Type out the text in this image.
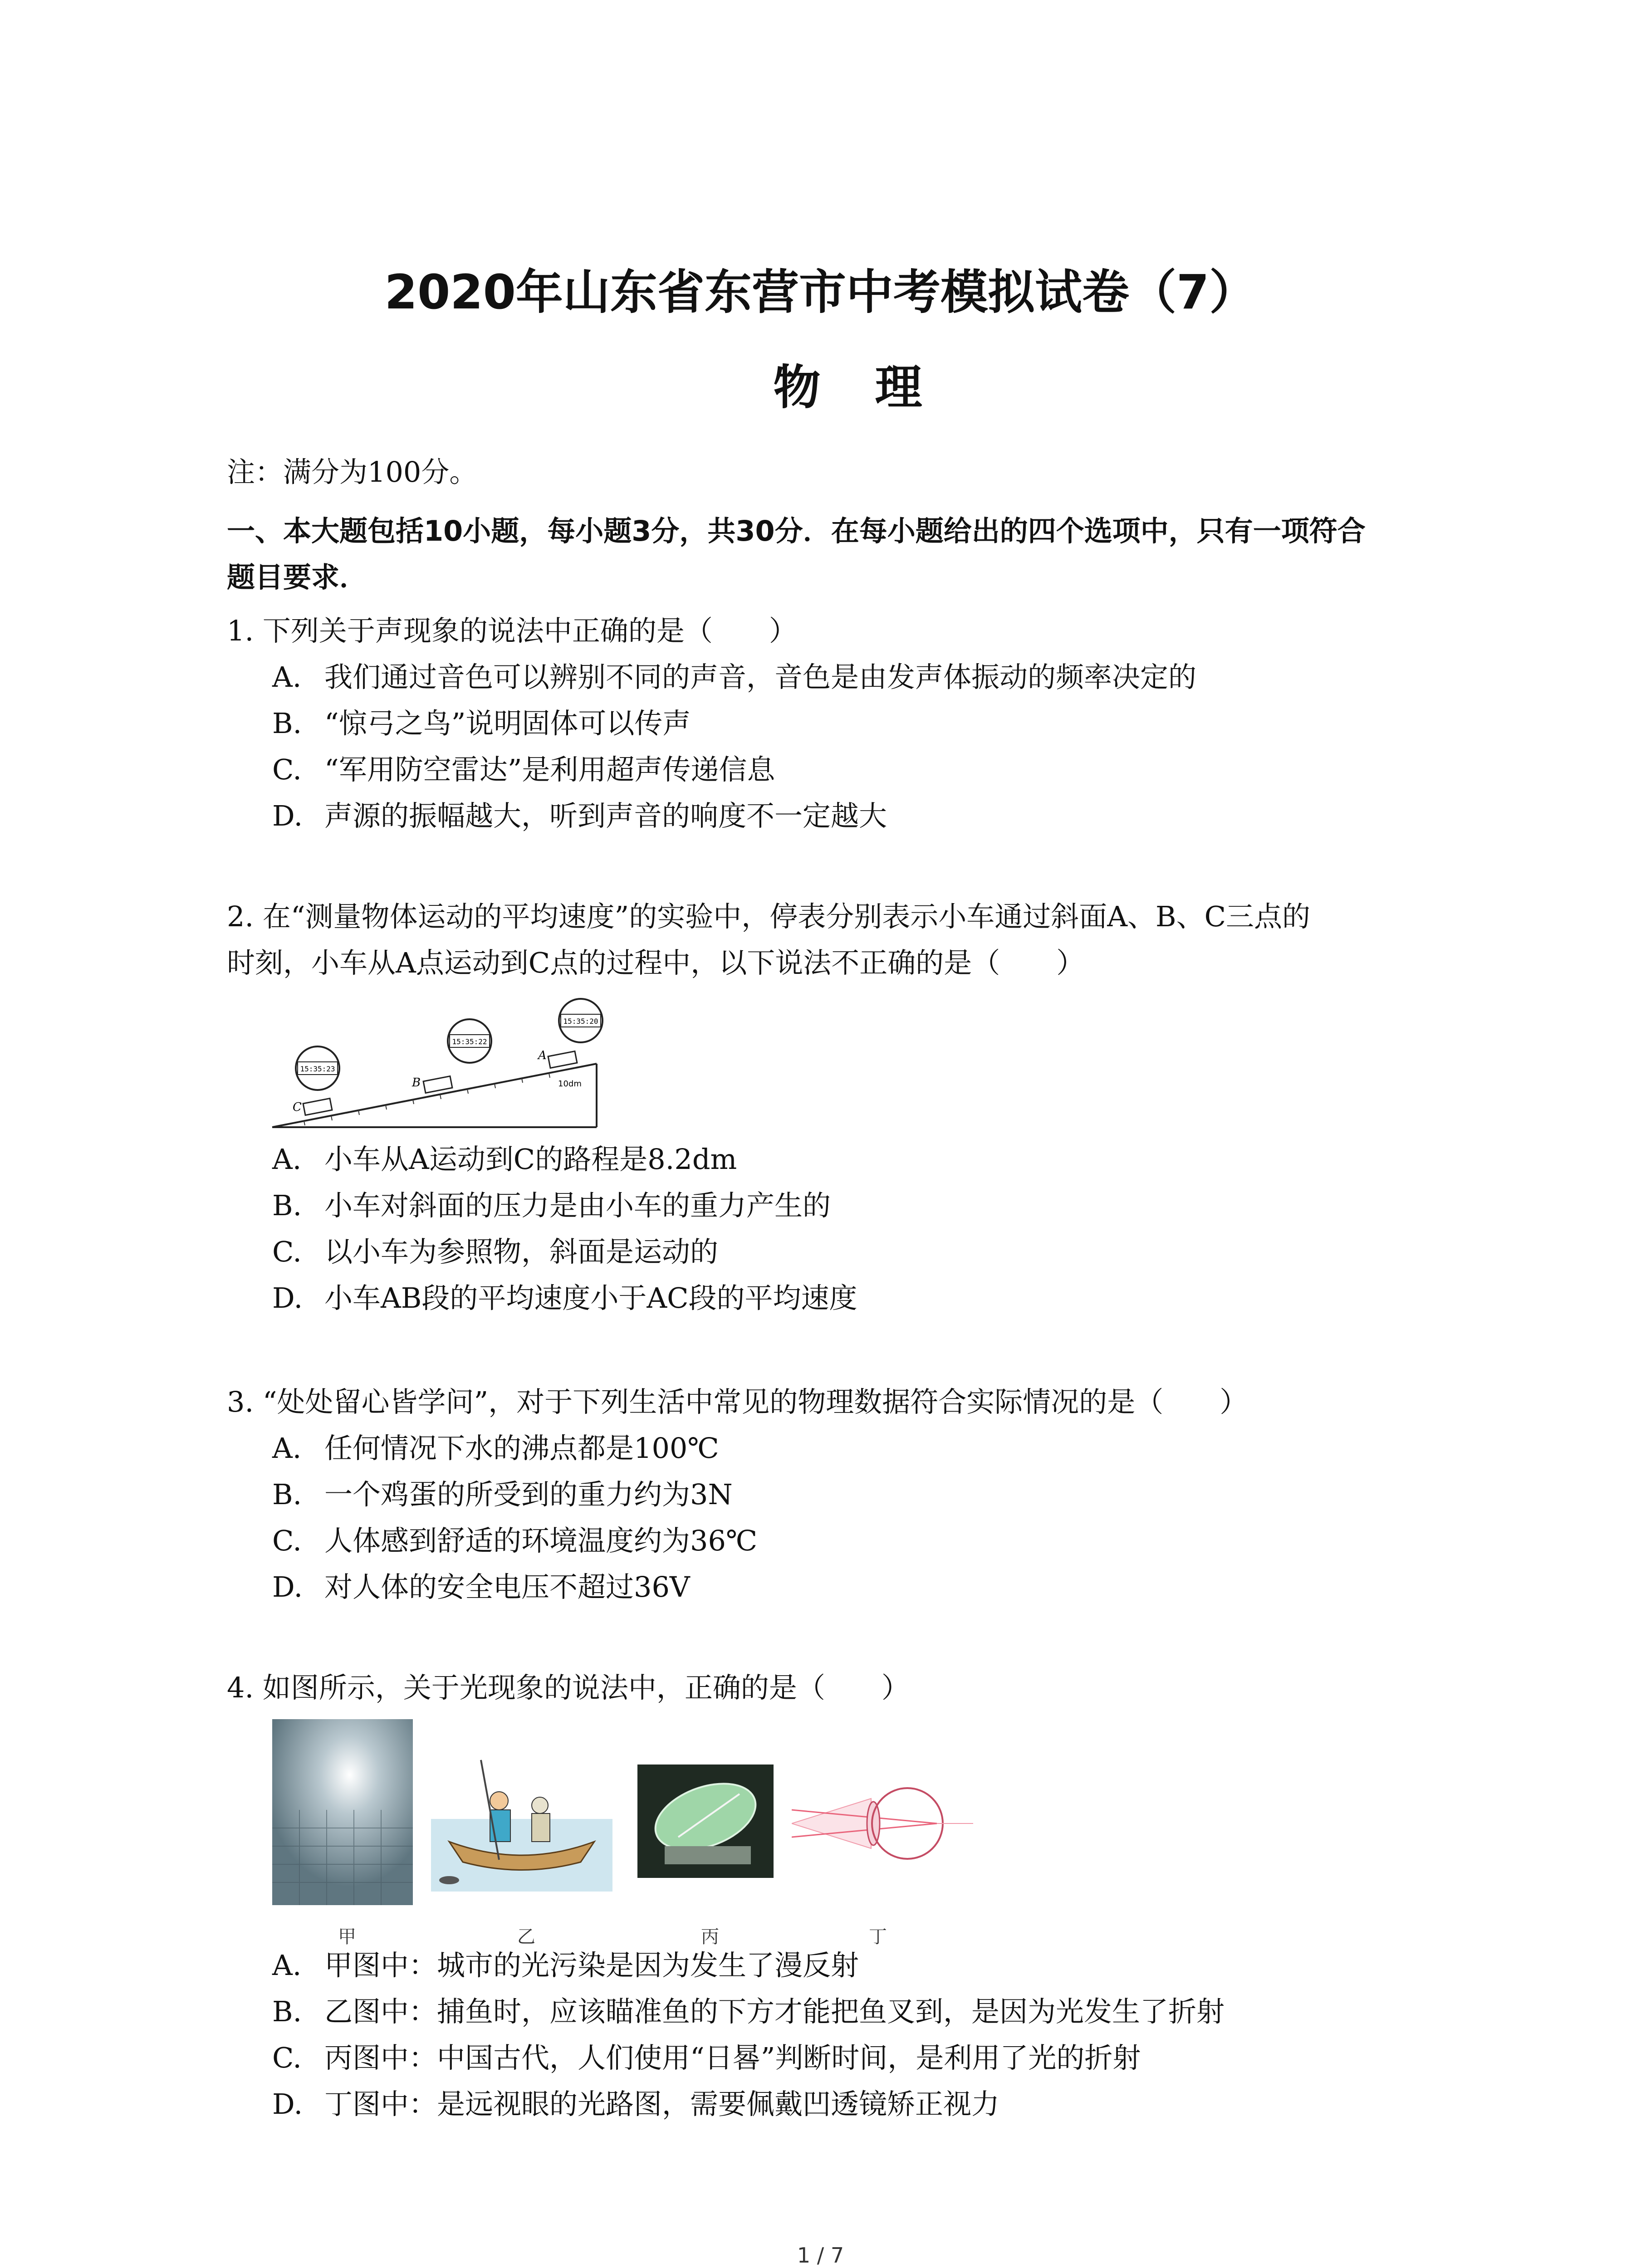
2020年山东省东营市中考模拟试卷（7）
物理
注：满分为100分。
一、本大题包括10小题，每小题3分，共30分．在每小题给出的四个选项中，只有一项符合
题目要求．
1. 下列关于声现象的说法中正确的是（　　）
A. 我们通过音色可以辨别不同的声音，音色是由发声体振动的频率决定的
B. “惊弓之鸟”说明固体可以传声
C. “军用防空雷达”是利用超声传递信息
D. 声源的振幅越大，听到声音的响度不一定越大
2. 在“测量物体运动的平均速度”的实验中，停表分别表示小车通过斜面A、B、C三点的
时刻，小车从A点运动到C点的过程中，以下说法不正确的是（　　）
10dm
C
B
A
15:35:23
15:35:22
15:35:20
A. 小车从A运动到C的路程是8.2dm
B. 小车对斜面的压力是由小车的重力产生的
C. 以小车为参照物，斜面是运动的
D. 小车AB段的平均速度小于AC段的平均速度
3. “处处留心皆学问”，对于下列生活中常见的物理数据符合实际情况的是（　　）
A. 任何情况下水的沸点都是100℃
B. 一个鸡蛋的所受到的重力约为3N
C. 人体感到舒适的环境温度约为36℃
D. 对人体的安全电压不超过36V
4. 如图所示，关于光现象的说法中，正确的是（　　）
甲	乙	丙	丁
A. 甲图中：城市的光污染是因为发生了漫反射
B. 乙图中：捕鱼时，应该瞄准鱼的下方才能把鱼叉到，是因为光发生了折射
C. 丙图中：中国古代，人们使用“日晷”判断时间，是利用了光的折射
D. 丁图中：是远视眼的光路图，需要佩戴凹透镜矫正视力
1 / 7
